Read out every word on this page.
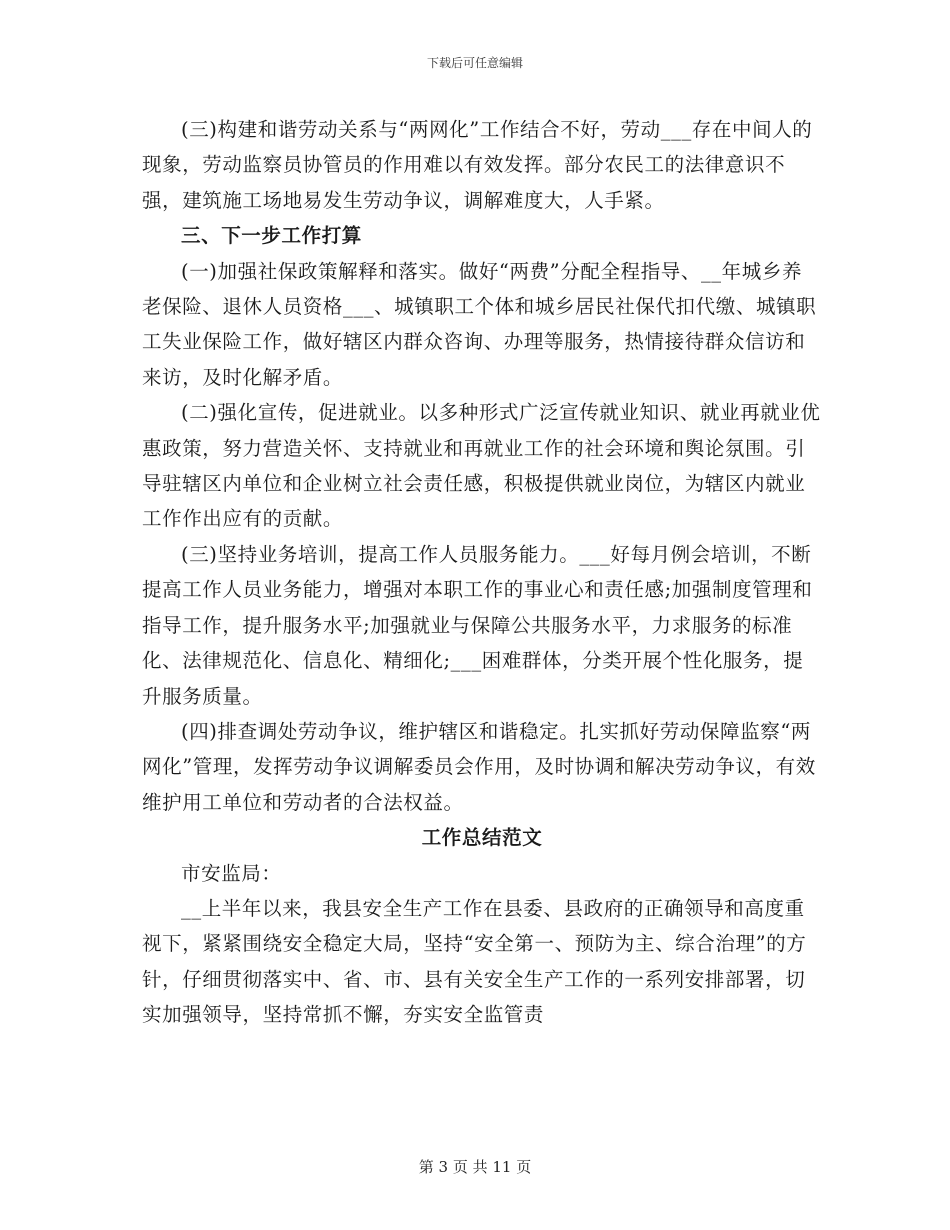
下载后可任意编辑

(三)构建和谐劳动关系与“两网化”工作结合不好，劳动___存在中间人的现象，劳动监察员协管员的作用难以有效发挥。部分农民工的法律意识不强，建筑施工场地易发生劳动争议，调解难度大，人手紧。

三、下一步工作打算

(一)加强社保政策解释和落实。做好“两费”分配全程指导、__年城乡养老保险、退休人员资格___、城镇职工个体和城乡居民社保代扣代缴、城镇职工失业保险工作，做好辖区内群众咨询、办理等服务，热情接待群众信访和来访，及时化解矛盾。

(二)强化宣传，促进就业。以多种形式广泛宣传就业知识、就业再就业优惠政策，努力营造关怀、支持就业和再就业工作的社会环境和舆论氛围。引导驻辖区内单位和企业树立社会责任感，积极提供就业岗位，为辖区内就业工作作出应有的贡献。

(三)坚持业务培训，提高工作人员服务能力。___好每月例会培训，不断提高工作人员业务能力，增强对本职工作的事业心和责任感;加强制度管理和指导工作，提升服务水平;加强就业与保障公共服务水平，力求服务的标准化、法律规范化、信息化、精细化;___困难群体，分类开展个性化服务，提升服务质量。

(四)排查调处劳动争议，维护辖区和谐稳定。扎实抓好劳动保障监察“两网化”管理，发挥劳动争议调解委员会作用，及时协调和解决劳动争议，有效维护用工单位和劳动者的合法权益。

工作总结范文

市安监局：

__上半年以来，我县安全生产工作在县委、县政府的正确领导和高度重视下，紧紧围绕安全稳定大局，坚持“安全第一、预防为主、综合治理”的方针，仔细贯彻落实中、省、市、县有关安全生产工作的一系列安排部署，切实加强领导，坚持常抓不懈，夯实安全监管责

第 3 页 共 11 页
